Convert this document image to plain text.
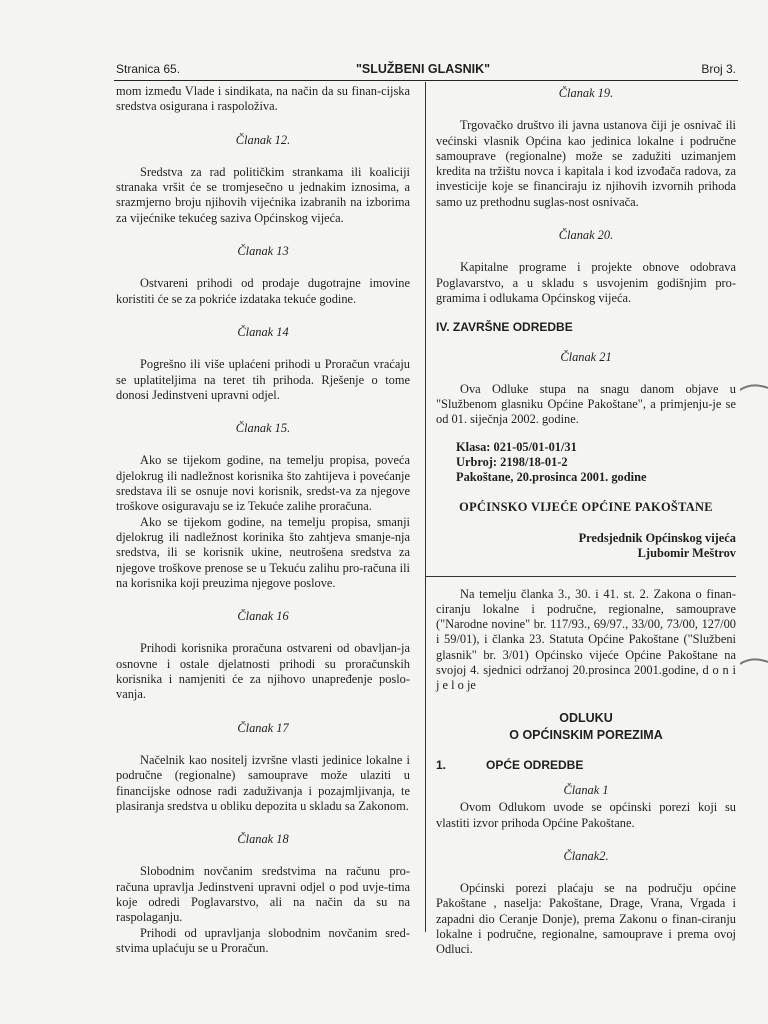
Stranica 65.	"SLUŽBENI GLASNIK"	Broj 3.

mom između Vlade i sindikata, na način da su finan-cijska sredstva osigurana i raspoloživa.

Članak 12.

Sredstva za rad političkim strankama ili koaliciji stranaka vršit će se tromjesečno u jednakim iznosima, a srazmjerno broju njihovih vijećnika izabranih na izborima za vijećnike tekućeg saziva Općinskog vijeća.

Članak 13

Ostvareni prihodi od prodaje dugotrajne imovine koristiti će se za pokriće izdataka tekuće godine.

Članak 14

Pogrešno ili više uplaćeni prihodi u Proračun vraćaju se uplatiteljima na teret tih prihoda. Rješenje o tome donosi Jedinstveni upravni odjel.

Članak 15.

Ako se tijekom godine, na temelju propisa, poveća djelokrug ili nadležnost korisnika što zahtijeva i povećanje sredstava ili se osnuje novi korisnik, sredst-va za njegove troškove osiguravaju se iz Tekuće zalihe proračuna.

Ako se tijekom godine, na temelju propisa, smanji djelokrug ili nadležnost korinika što zahtjeva smanje-nja sredstva, ili se korisnik ukine, neutrošena sredstva za njegove troškove prenose se u Tekuću zalihu pro-računa ili na korisnika koji preuzima njegove poslove.

Članak 16

Prihodi korisnika proračuna ostvareni od obavljan-ja osnovne i ostale djelatnosti prihodi su proračunskih korisnika i namjeniti će za njihovo unapređenje poslo-vanja.

Članak 17

Načelnik kao nositelj izvršne vlasti jedinice lokalne i područne (regionalne) samouprave može ulaziti u financijske odnose radi zaduživanja i pozajmljivanja, te plasiranja sredstva u obliku depozita u skladu sa Zakonom.

Članak 18

Slobodnim novčanim sredstvima na računu pro-računa upravlja Jedinstveni upravni odjel o pod uvje-tima koje odredi Poglavarstvo, ali na način da su na raspolaganju.

Prihodi od upravljanja slobodnim novčanim sred-stvima uplaćuju se u Proračun.

Članak 19.

Trgovačko društvo ili javna ustanova čiji je osnivač ili većinski vlasnik Općina kao jedinica lokalne i područne samouprave (regionalne) može se zadužiti uzimanjem kredita na tržištu novca i kapitala i kod izvođača radova, za investicije koje se financiraju iz njihovih izvornih prihoda samo uz prethodnu suglas-nost osnivača.

Članak 20.

Kapitalne programe i projekte obnove odobrava Poglavarstvo, a u skladu s usvojenim godišnjim pro-gramima i odlukama Općinskog vijeća.

IV. ZAVRŠNE ODREDBE

Članak 21

Ova Odluke stupa na snagu danom objave u "Službenom glasniku Općine Pakoštane", a primjenju-je se od 01. siječnja 2002. godine.

Klasa: 021-05/01-01/31

Urbroj: 2198/18-01-2

Pakoštane, 20.prosinca 2001. godine

OPĆINSKO VIJEĆE OPĆINE PAKOŠTANE

Predsjednik Općinskog vijeća

Ljubomir Meštrov

Na temelju članka 3., 30. i 41. st. 2. Zakona o finan-ciranju lokalne i područne, regionalne, samouprave ("Narodne novine" br. 117/93., 69/97., 33/00, 73/00, 127/00 i 59/01), i članka 23. Statuta Općine Pakoštane ("Službeni glasnik" br. 3/01) Općinsko vijeće Općine Pakoštane na svojoj 4. sjednici održanoj 20.prosinca 2001.godine, d o n i j e l o je

ODLUKU
O OPĆINSKIM POREZIMA

1.	OPĆE ODREDBE

Članak 1

Ovom Odlukom uvode se općinski porezi koji su vlastiti izvor prihoda Općine Pakoštane.

Članak2.

Općinski porezi plaćaju se na području općine Pakoštane , naselja: Pakoštane, Drage, Vrana, Vrgada i zapadni dio Ceranje Donje), prema Zakonu o finan-ciranju lokalne i područne, regionalne, samouprave i prema ovoj Odluci.
